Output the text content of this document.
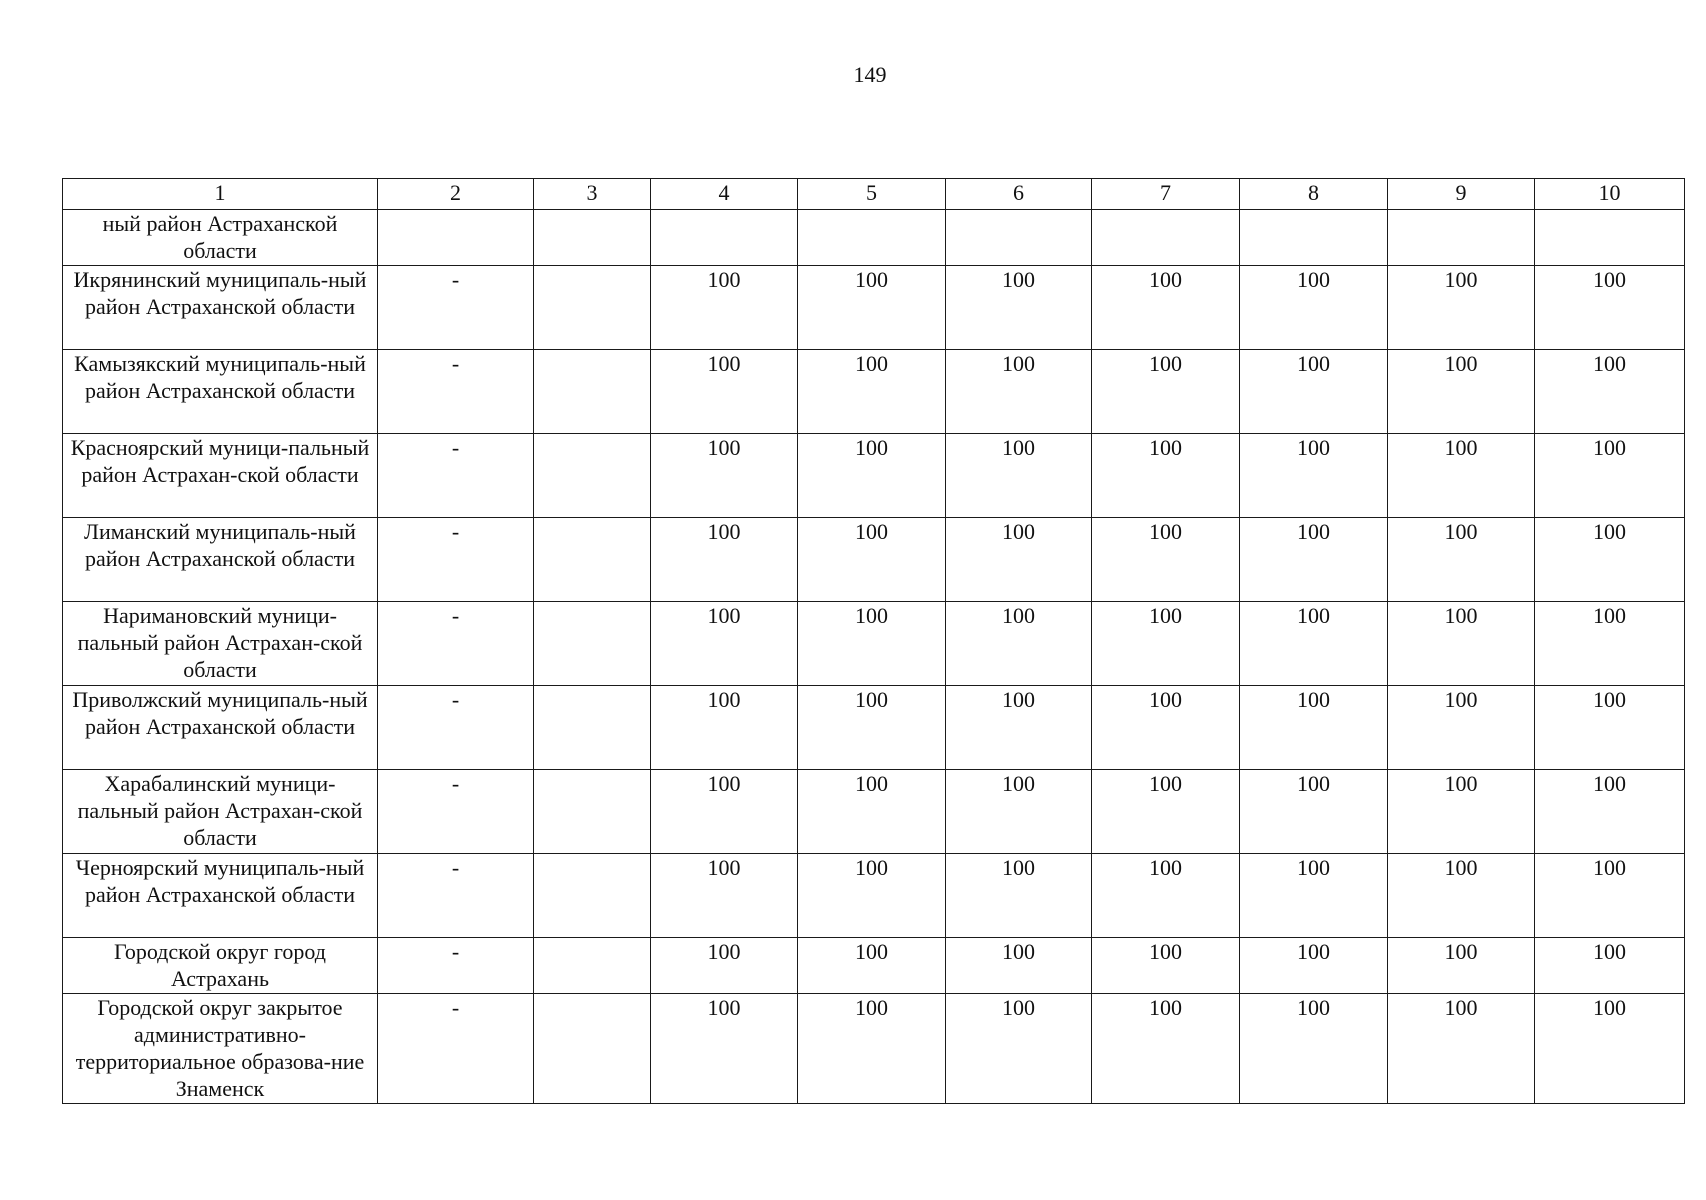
149
1	2	3	4	5	6	7	8	9	10
ный район Астраханской области									
Икрянинский муниципаль-ный район Астраханской области	-		100	100	100	100	100	100	100
Камызякский муниципаль-ный район Астраханской области	-		100	100	100	100	100	100	100
Красноярский муници-пальный район Астрахан-ской области	-		100	100	100	100	100	100	100
Лиманский муниципаль-ный район Астраханской области	-		100	100	100	100	100	100	100
Наримановский муници-пальный район Астрахан-ской области	-		100	100	100	100	100	100	100
Приволжский муниципаль-ный район Астраханской области	-		100	100	100	100	100	100	100
Харабалинский муници-пальный район Астрахан-ской области	-		100	100	100	100	100	100	100
Черноярский муниципаль-ный район Астраханской области	-		100	100	100	100	100	100	100
Городской округ город Астрахань	-		100	100	100	100	100	100	100
Городской округ закрытое административно-территориальное образова-ние Знаменск	-		100	100	100	100	100	100	100
